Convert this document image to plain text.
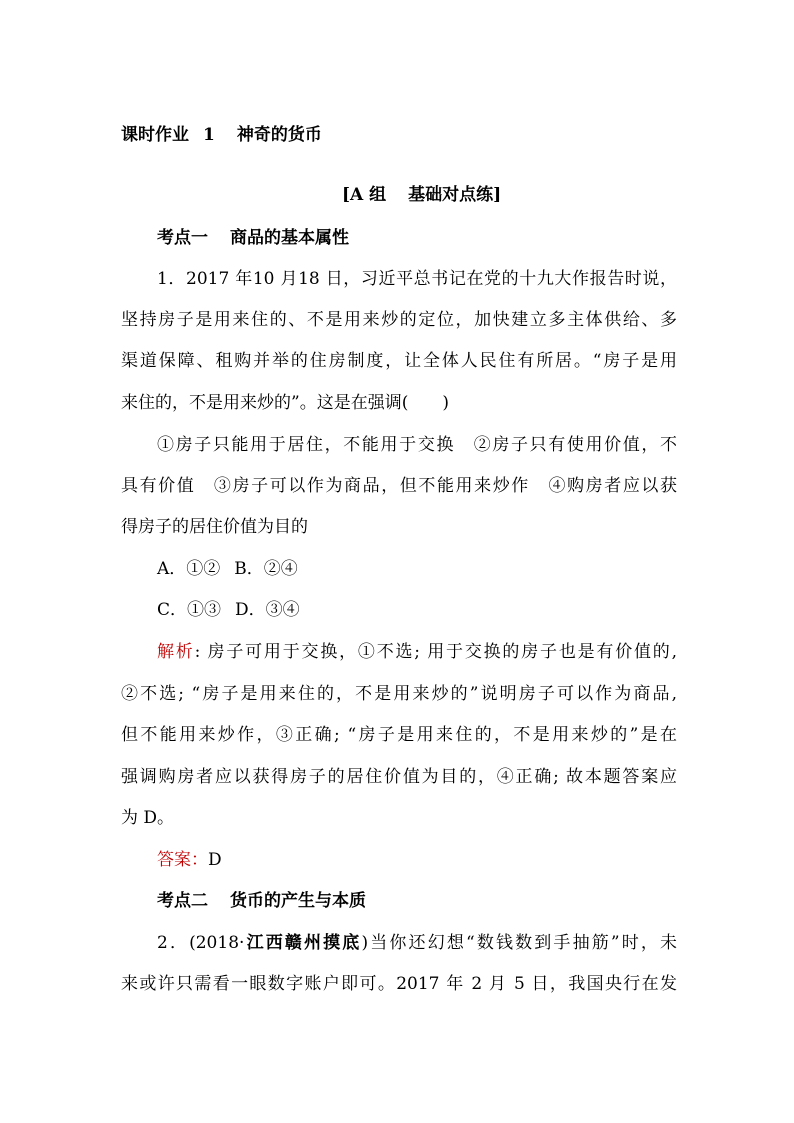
课时作业 1 神奇的货币
[A 组 基础对点练]
考点一 商品的基本属性
1．2017 年10 月18 日，习近平总书记在党的十九大作报告时说，
坚持房子是用来住的、不是用来炒的定位，加快建立多主体供给、多
渠道保障、租购并举的住房制度，让全体人民住有所居。“房子是用
来住的，不是用来炒的”。这是在强调(　　)
①房子只能用于居住，不能用于交换　②房子只有使用价值，不
具有价值　③房子可以作为商品，但不能用来炒作　④购房者应以获
得房子的居住价值为目的
A．①② B．②④
C．①③ D．③④
解析: 房子可用于交换，①不选; 用于交换的房子也是有价值的,
②不选; “房子是用来住的，不是用来炒的”说明房子可以作为商品,
但不能用来炒作，③正确; “房子是用来住的，不是用来炒的”是在
强调购房者应以获得房子的居住价值为目的，④正确; 故本题答案应
为 D。
答案：D
考点二 货币的产生与本质
2．(2018·江西赣州摸底)当你还幻想“数钱数到手抽筋”时，未
来或许只需看一眼数字账户即可。2017 年 2 月 5 日，我国央行在发
